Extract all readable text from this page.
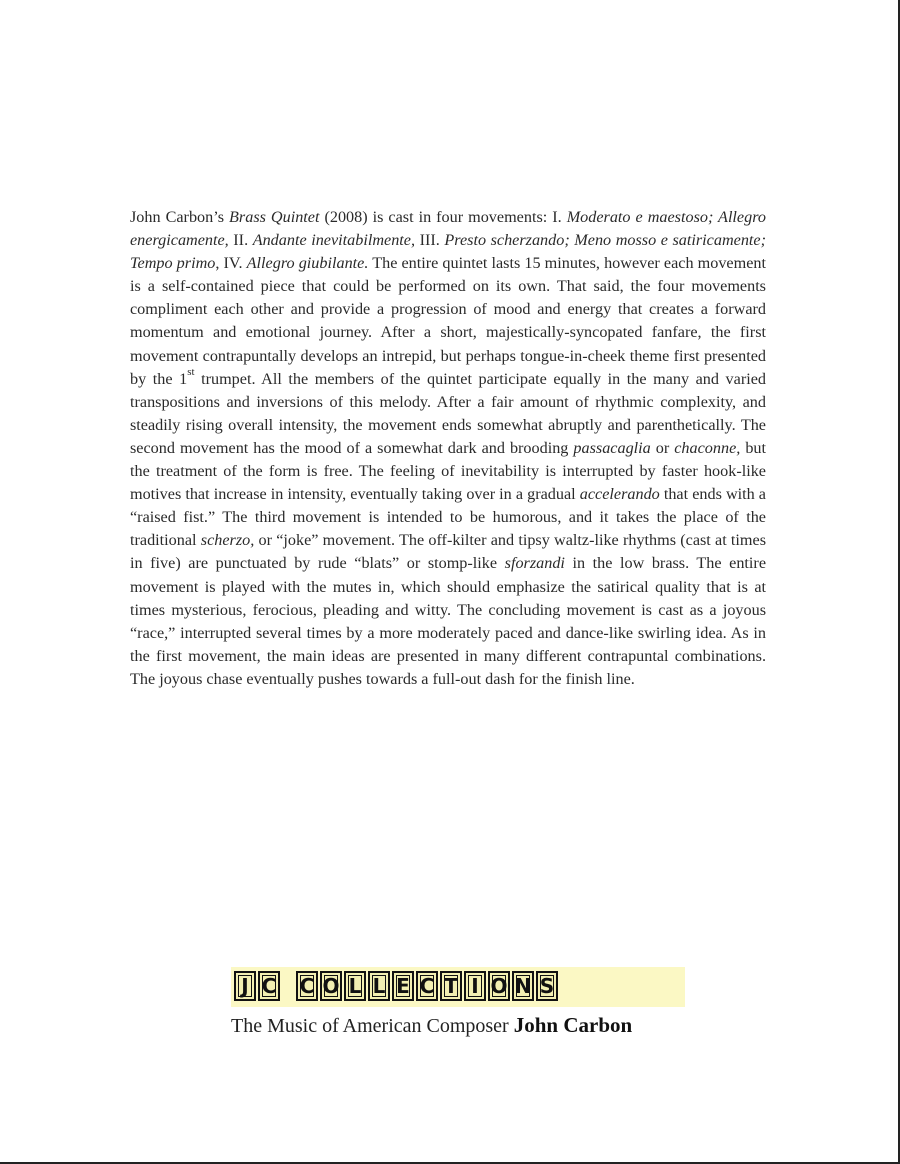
John Carbon’s Brass Quintet (2008) is cast in four movements: I. Moderato e maestoso; Allegro energicamente, II. Andante inevitabilmente, III. Presto scherzando; Meno mosso e satiricamente; Tempo primo, IV. Allegro giubilante. The entire quintet lasts 15 minutes, however each movement is a self-contained piece that could be performed on its own. That said, the four movements compliment each other and provide a progression of mood and energy that creates a forward momentum and emotional journey. After a short, majestically-syncopated fanfare, the first movement contrapuntally develops an intrepid, but perhaps tongue-in-cheek theme first presented by the 1st trumpet. All the members of the quintet participate equally in the many and varied transpositions and inversions of this melody. After a fair amount of rhythmic complexity, and steadily rising overall intensity, the movement ends somewhat abruptly and parenthetically. The second movement has the mood of a somewhat dark and brooding passacaglia or chaconne, but the treatment of the form is free. The feeling of inevitability is interrupted by faster hook-like motives that increase in intensity, eventually taking over in a gradual accelerando that ends with a “raised fist.” The third movement is intended to be humorous, and it takes the place of the traditional scherzo, or “joke” movement. The off-kilter and tipsy waltz-like rhythms (cast at times in five) are punctuated by rude “blats” or stomp-like sforzandi in the low brass. The entire movement is played with the mutes in, which should emphasize the satirical quality that is at times mysterious, ferocious, pleading and witty. The concluding movement is cast as a joyous “race,” interrupted several times by a more moderately paced and dance-like swirling idea. As in the first movement, the main ideas are presented in many different contrapuntal combinations. The joyous chase eventually pushes towards a full-out dash for the finish line.

J C C O L L E C T I O N S
The Music of American Composer John Carbon
